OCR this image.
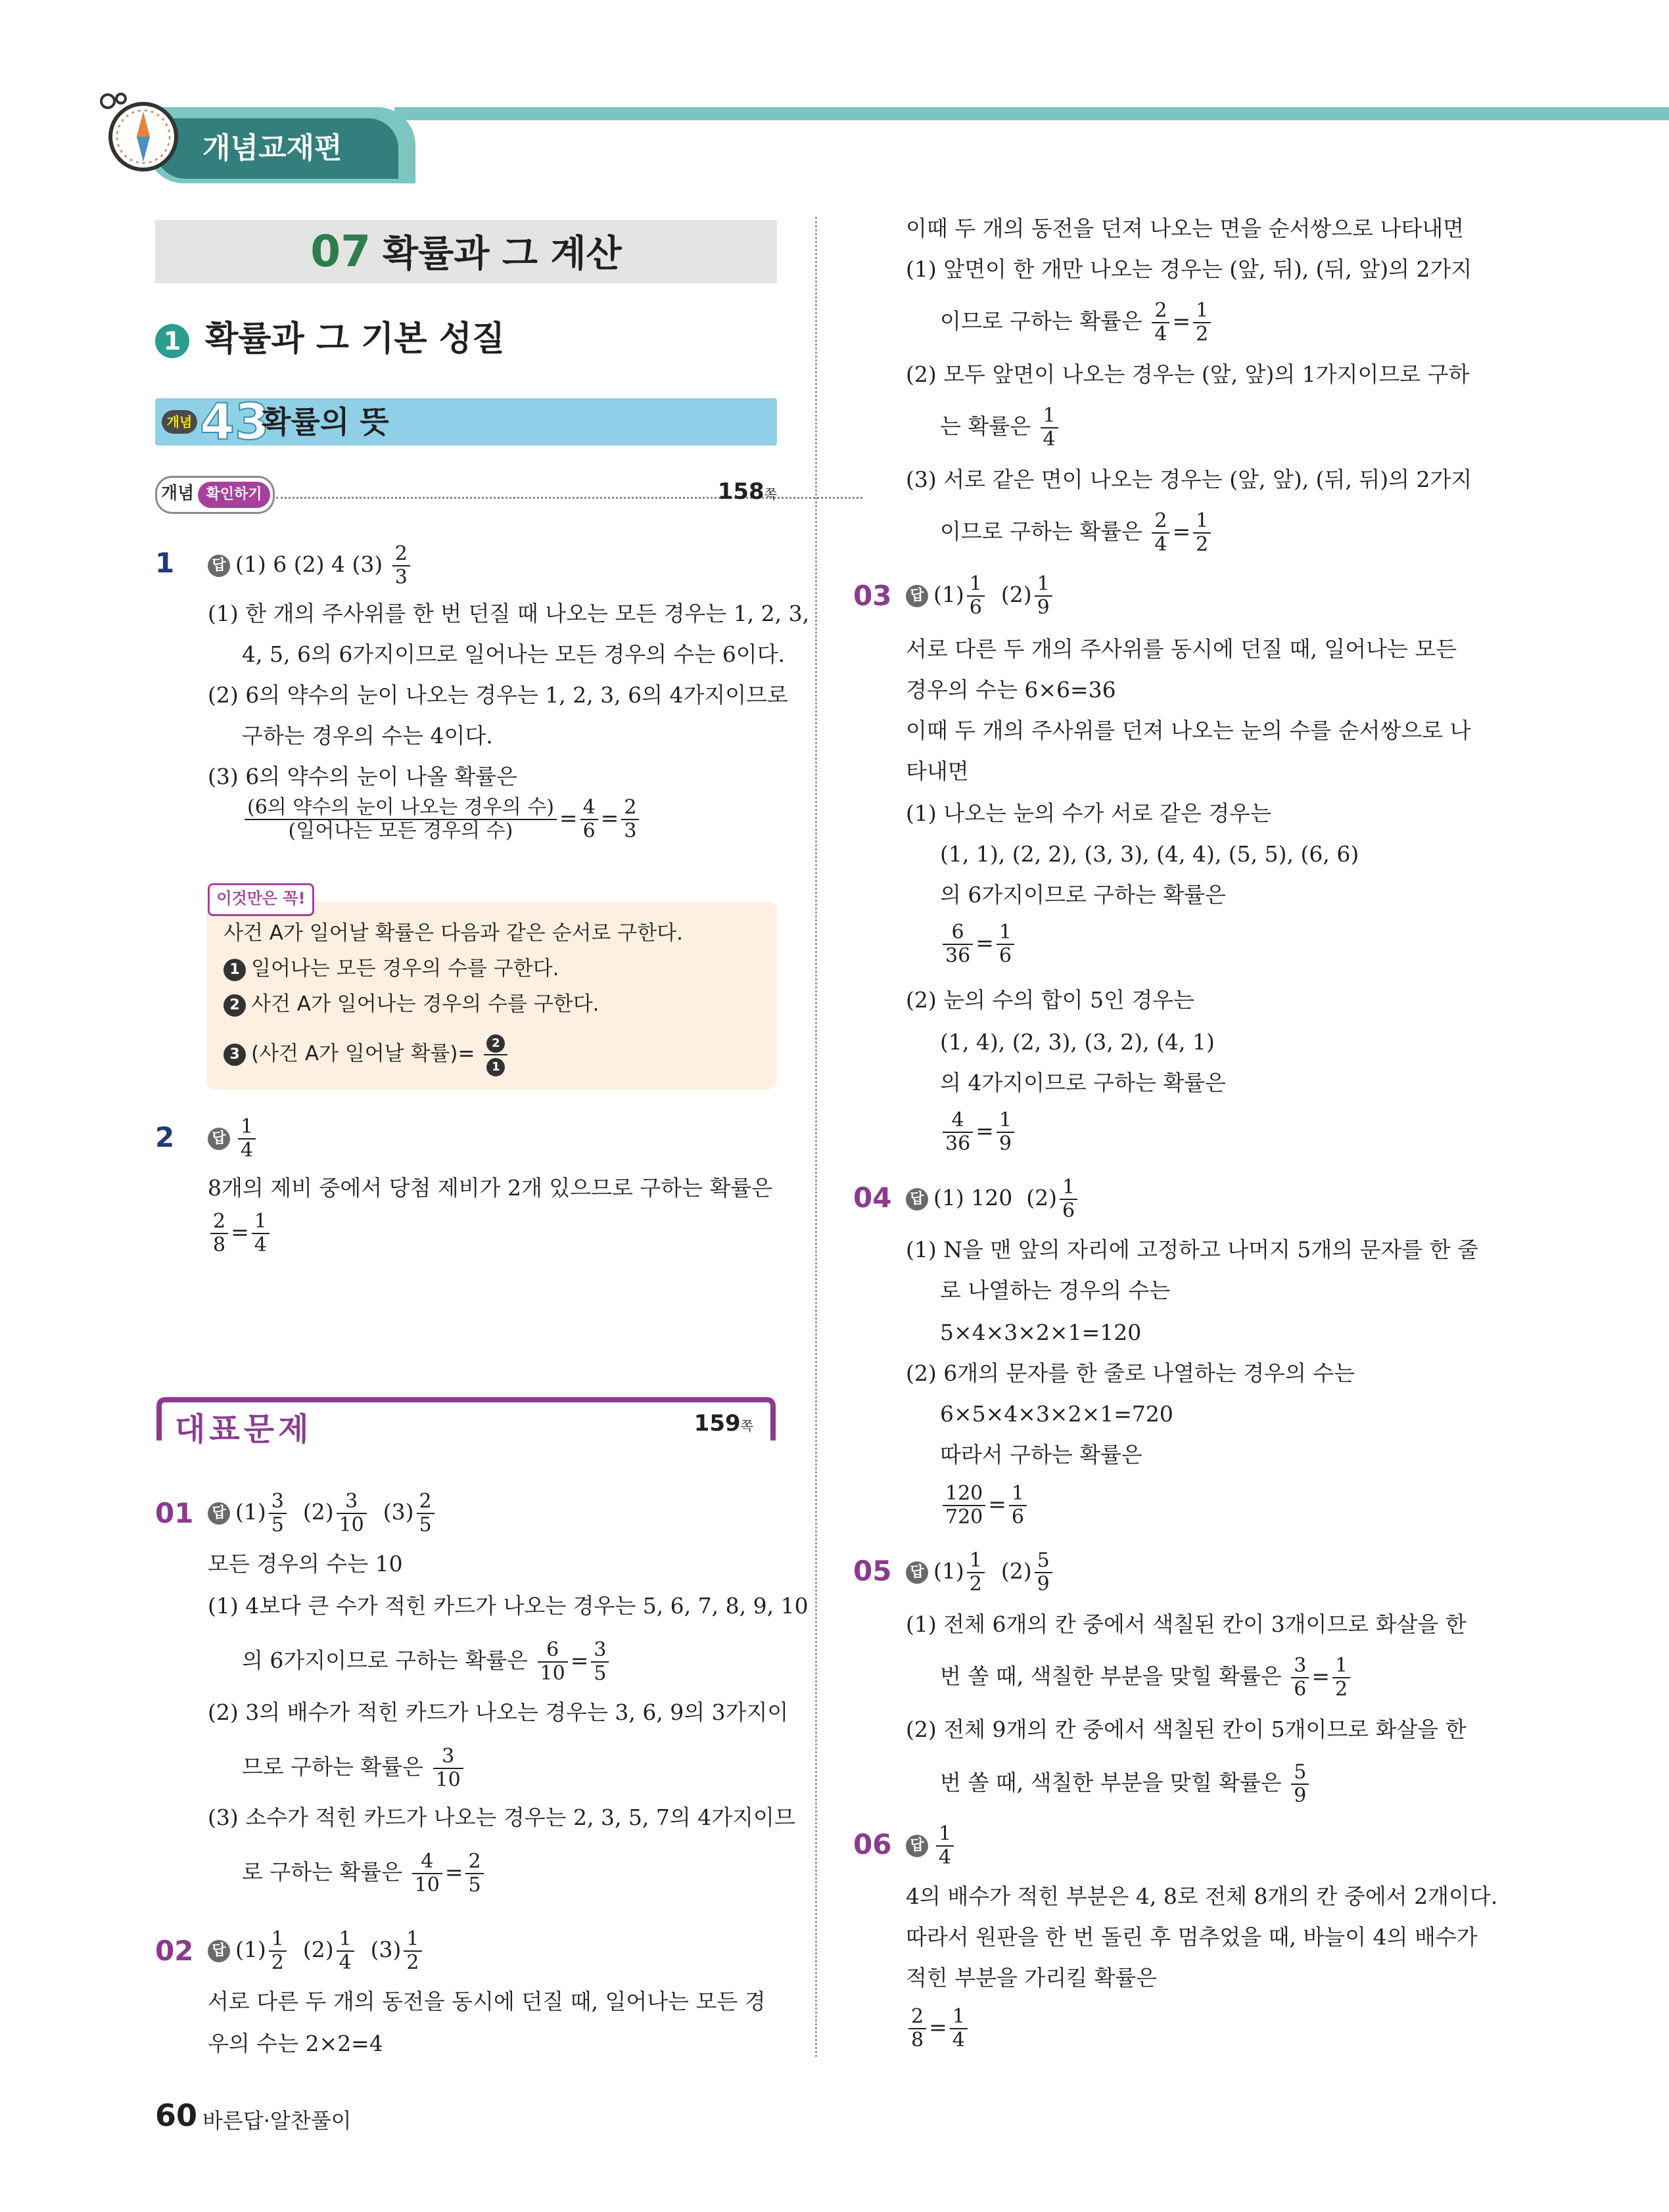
개념교재편
07 확률과 그 계산
1 확률과 그 기본 성질
개념 43
확률의 뜻
개념 확인하기	158쪽
1	답 (1) 6 (2) 4 $(3) \frac{2}{3}$
(1) 한 개의 주사위를 한 번 던질 때 나오는 모든 경우는 1, 2, 3,
4, 5, 6의 6가지이므로 일어나는 모든 경우의 수는 6이다.
(2) 6의 약수의 눈이 나오는 경우는 1, 2, 3, 6의 4가지이므로
구하는 경우의 수는 4이다.
(3) 6의 약수의 눈이 나올 확률은
$\frac{\text{(6의 약수의 눈이 나오는 경우의 수)}}{\text{(일어나는 모든 경우의 수)}} = \frac{4}{6} = \frac{2}{3}$
이것만은 꼭!
사건 A가 일어날 확률은 다음과 같은 순서로 구한다.
1 일어나는 모든 경우의 수를 구한다.
2 사건 A가 일어나는 경우의 수를 구한다.
3 (사건 A가 일어날 확률)= $\frac{2}{1}$
2	답 $\frac{1}{4}$
8개의 제비 중에서 당첨 제비가 2개 있으므로 구하는 확률은
$\frac{2}{8} = \frac{1}{4}$
대표문제	159쪽
01 답 $(1) \frac{3}{5} (2) \frac{3}{10} (3) \frac{2}{5}$
모든 경우의 수는 10
(1) 4보다 큰 수가 적힌 카드가 나오는 경우는 5, 6, 7, 8, 9, 10
의 6가지이므로 구하는 확률은 $\frac{6}{10} = \frac{3}{5}$
(2) 3의 배수가 적힌 카드가 나오는 경우는 3, 6, 9의 3가지이
므로 구하는 확률은 $\frac{3}{10}$
(3) 소수가 적힌 카드가 나오는 경우는 2, 3, 5, 7의 4가지이므
로 구하는 확률은 $\frac{4}{10} = \frac{2}{5}$
02 답 $(1) \frac{1}{2} (2) \frac{1}{4} (3) \frac{1}{2}$
서로 다른 두 개의 동전을 동시에 던질 때, 일어나는 모든 경
우의 수는 2×2=4
이때 두 개의 동전을 던져 나오는 면을 순서쌍으로 나타내면
(1) 앞면이 한 개만 나오는 경우는 (앞, 뒤), (뒤, 앞)의 2가지
이므로 구하는 확률은 $\frac{2}{4} = \frac{1}{2}$
(2) 모두 앞면이 나오는 경우는 (앞, 앞)의 1가지이므로 구하
는 확률은 $\frac{1}{4}$
(3) 서로 같은 면이 나오는 경우는 (앞, 앞), (뒤, 뒤)의 2가지
이므로 구하는 확률은 $\frac{2}{4} = \frac{1}{2}$
03 답 $(1) \frac{1}{6} (2) \frac{1}{9}$
서로 다른 두 개의 주사위를 동시에 던질 때, 일어나는 모든
경우의 수는 6×6=36
이때 두 개의 주사위를 던져 나오는 눈의 수를 순서쌍으로 나
타내면
(1) 나오는 눈의 수가 서로 같은 경우는
(1, 1), (2, 2), (3, 3), (4, 4), (5, 5), (6, 6)
의 6가지이므로 구하는 확률은
$\frac{6}{36} = \frac{1}{6}$
(2) 눈의 수의 합이 5인 경우는
(1, 4), (2, 3), (3, 2), (4, 1)
의 4가지이므로 구하는 확률은
$\frac{4}{36} = \frac{1}{9}$
04 답 (1) 120 $(2) \frac{1}{6}$
(1) N을 맨 앞의 자리에 고정하고 나머지 5개의 문자를 한 줄
로 나열하는 경우의 수는
5×4×3×2×1=120
(2) 6개의 문자를 한 줄로 나열하는 경우의 수는
6×5×4×3×2×1=720
따라서 구하는 확률은
$\frac{120}{720} = \frac{1}{6}$
05 답 $(1) \frac{1}{2} (2) \frac{5}{9}$
(1) 전체 6개의 칸 중에서 색칠된 칸이 3개이므로 화살을 한
번 쏠 때, 색칠한 부분을 맞힐 확률은 $\frac{3}{6} = \frac{1}{2}$
(2) 전체 9개의 칸 중에서 색칠된 칸이 5개이므로 화살을 한
번 쏠 때, 색칠한 부분을 맞힐 확률은 $\frac{5}{9}$
06 답 $\frac{1}{4}$
4의 배수가 적힌 부분은 4, 8로 전체 8개의 칸 중에서 2개이다.
따라서 원판을 한 번 돌린 후 멈추었을 때, 바늘이 4의 배수가
적힌 부분을 가리킬 확률은
$\frac{2}{8} = \frac{1}{4}$
60 바른답·알찬풀이
